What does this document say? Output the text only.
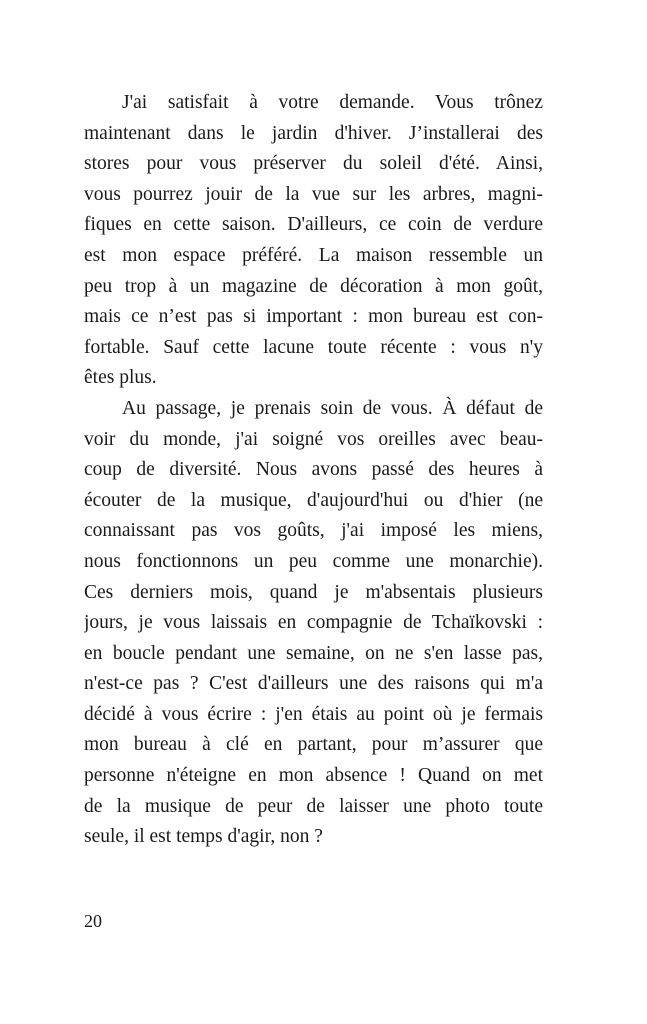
J'ai satisfait à votre demande. Vous trônez
maintenant dans le jardin d'hiver. J’installerai des
stores pour vous préserver du soleil d'été. Ainsi,
vous pourrez jouir de la vue sur les arbres, magni-
fiques en cette saison. D'ailleurs, ce coin de verdure
est mon espace préféré. La maison ressemble un
peu trop à un magazine de décoration à mon goût,
mais ce n’est pas si important : mon bureau est con-
fortable. Sauf cette lacune toute récente : vous n'y
êtes plus.
Au passage, je prenais soin de vous. À défaut de
voir du monde, j'ai soigné vos oreilles avec beau-
coup de diversité. Nous avons passé des heures à
écouter de la musique, d'aujourd'hui ou d'hier (ne
connaissant pas vos goûts, j'ai imposé les miens,
nous fonctionnons un peu comme une monarchie).
Ces derniers mois, quand je m'absentais plusieurs
jours, je vous laissais en compagnie de Tchaïkovski :
en boucle pendant une semaine, on ne s'en lasse pas,
n'est-ce pas ? C'est d'ailleurs une des raisons qui m'a
décidé à vous écrire : j'en étais au point où je fermais
mon bureau à clé en partant, pour m’assurer que
personne n'éteigne en mon absence ! Quand on met
de la musique de peur de laisser une photo toute
seule, il est temps d'agir, non ?
20
